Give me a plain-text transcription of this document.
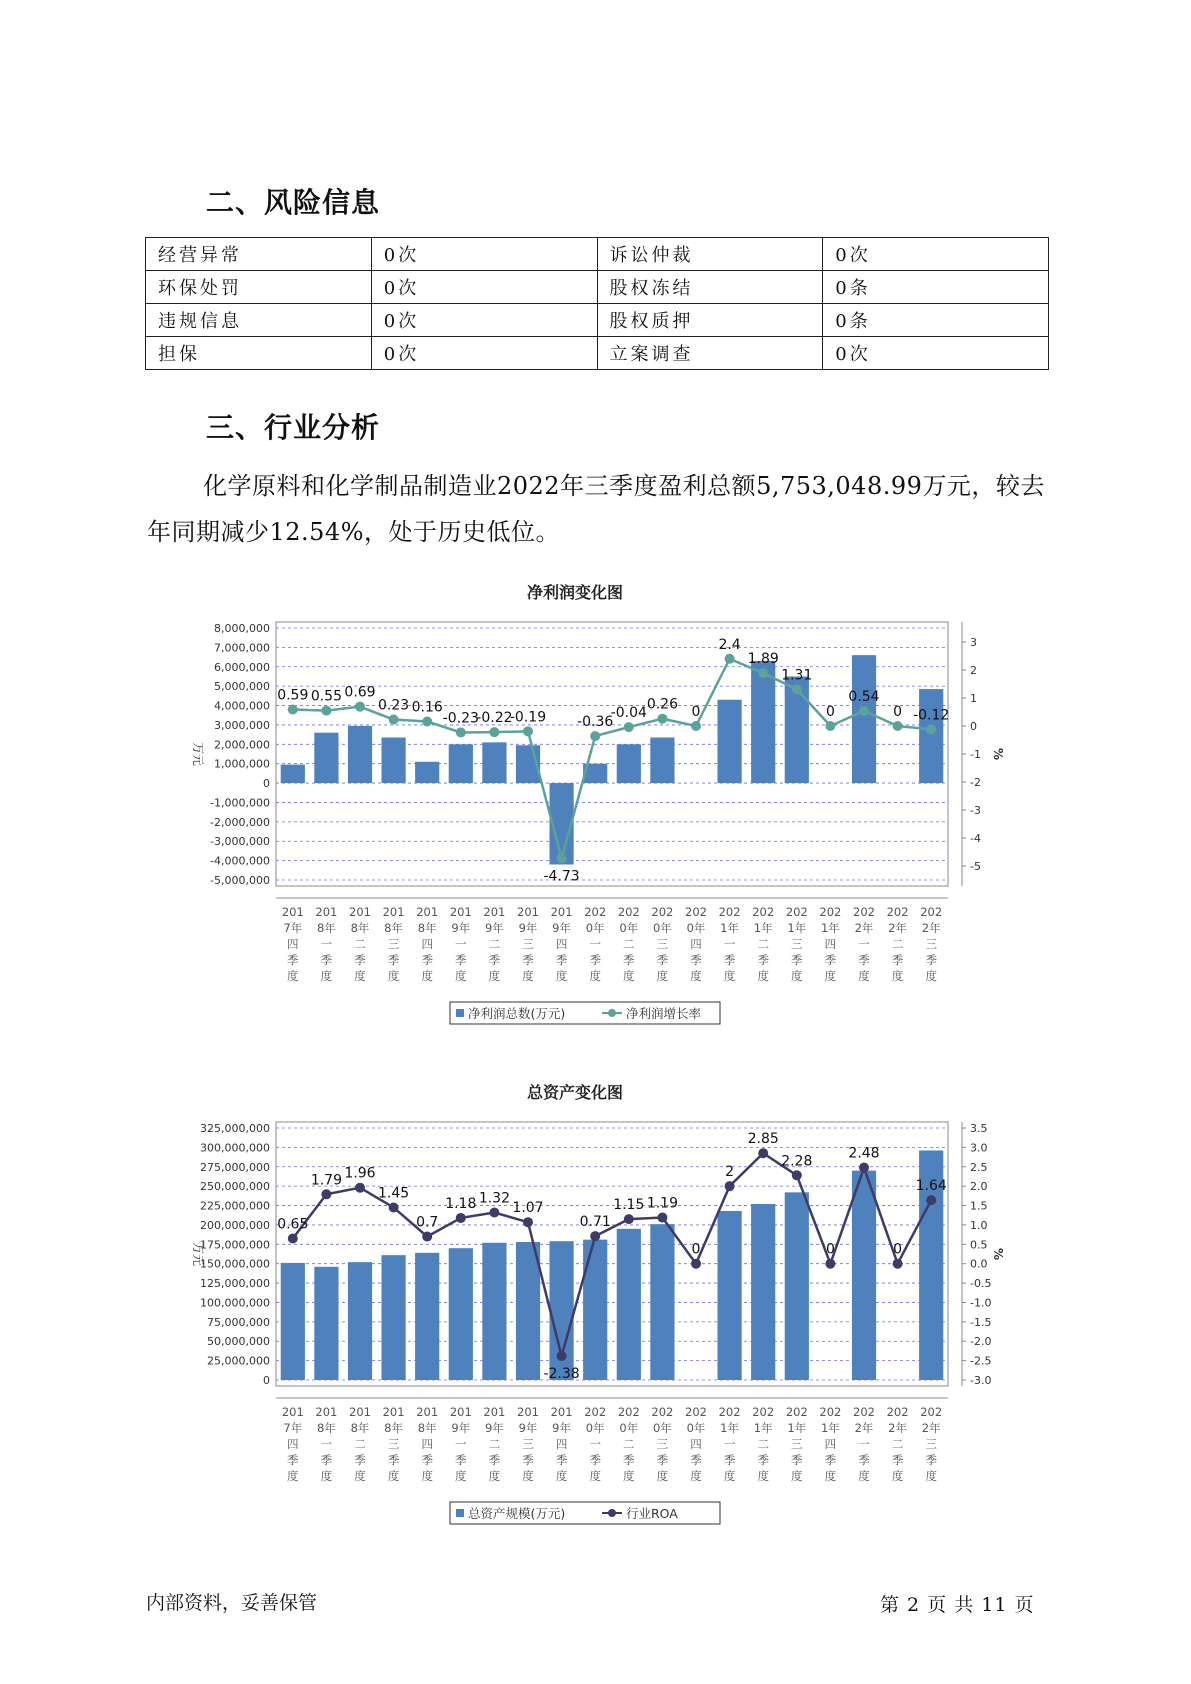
二、风险信息
经营异常	0次	诉讼仲裁	0次
环保处罚	0次	股权冻结	0条
违规信息	0次	股权质押	0条
担保	0次	立案调查	0次
三、行业分析
化学原料和化学制品制造业2022年三季度盈利总额5,753,048.99万元，较去年同期减少12.54%，处于历史低位。
净利润变化图
8,000,000
7,000,000
6,000,000
5,000,000
4,000,000
3,000,000
2,000,000
1,000,000
0
-1,000,000
-2,000,000
-3,000,000
-4,000,000
-5,000,000
万元
3
2
1
0
-1
-2
-3
-4
-5
%
201
7年
四
季
度
201
8年
一
季
度
201
8年
二
季
度
201
8年
三
季
度
201
8年
四
季
度
201
9年
一
季
度
201
9年
二
季
度
201
9年
三
季
度
201
9年
四
季
度
202
0年
一
季
度
202
0年
二
季
度
202
0年
三
季
度
202
0年
四
季
度
202
1年
一
季
度
202
1年
二
季
度
202
1年
三
季
度
202
1年
四
季
度
202
2年
一
季
度
202
2年
二
季
度
202
2年
三
季
度
0.59 0.55 0.69
0.23 0.16
-0.23
-0.22
-0.19
-4.73
-0.36
-0.04
0.26 0
2.4
1.89
1.31
0
0.54
0 -0.12
净利润总数(万元)	净利润增长率
总资产变化图
325,000,000
300,000,000
275,000,000
250,000,000
225,000,000
200,000,000
175,000,000
150,000,000
125,000,000
100,000,000
75,000,000
50,000,000
25,000,000
0
万元
3.5
3.0
2.5
2.0
1.5
1.0
0.5
0.0
-0.5
-1.0
-1.5
-2.0
-2.5
-3.0
%
201
7年
四
季
度
201
8年
一
季
度
201
8年
二
季
度
201
8年
三
季
度
201
8年
四
季
度
201
9年
一
季
度
201
9年
二
季
度
201
9年
三
季
度
201
9年
四
季
度
202
0年
一
季
度
202
0年
二
季
度
202
0年
三
季
度
202
0年
四
季
度
202
1年
一
季
度
202
1年
二
季
度
202
1年
三
季
度
202
1年
四
季
度
202
2年
一
季
度
202
2年
二
季
度
202
2年
三
季
度
0.65
1.79 1.96
1.45
0.7
1.18 1.32
1.07
-2.38
0.71
1.15 1.19
0
2
2.85
2.28
0
2.48
0
1.64
总资产规模(万元)	行业ROA
内部资料，妥善保管	第 2 页 共 11 页
